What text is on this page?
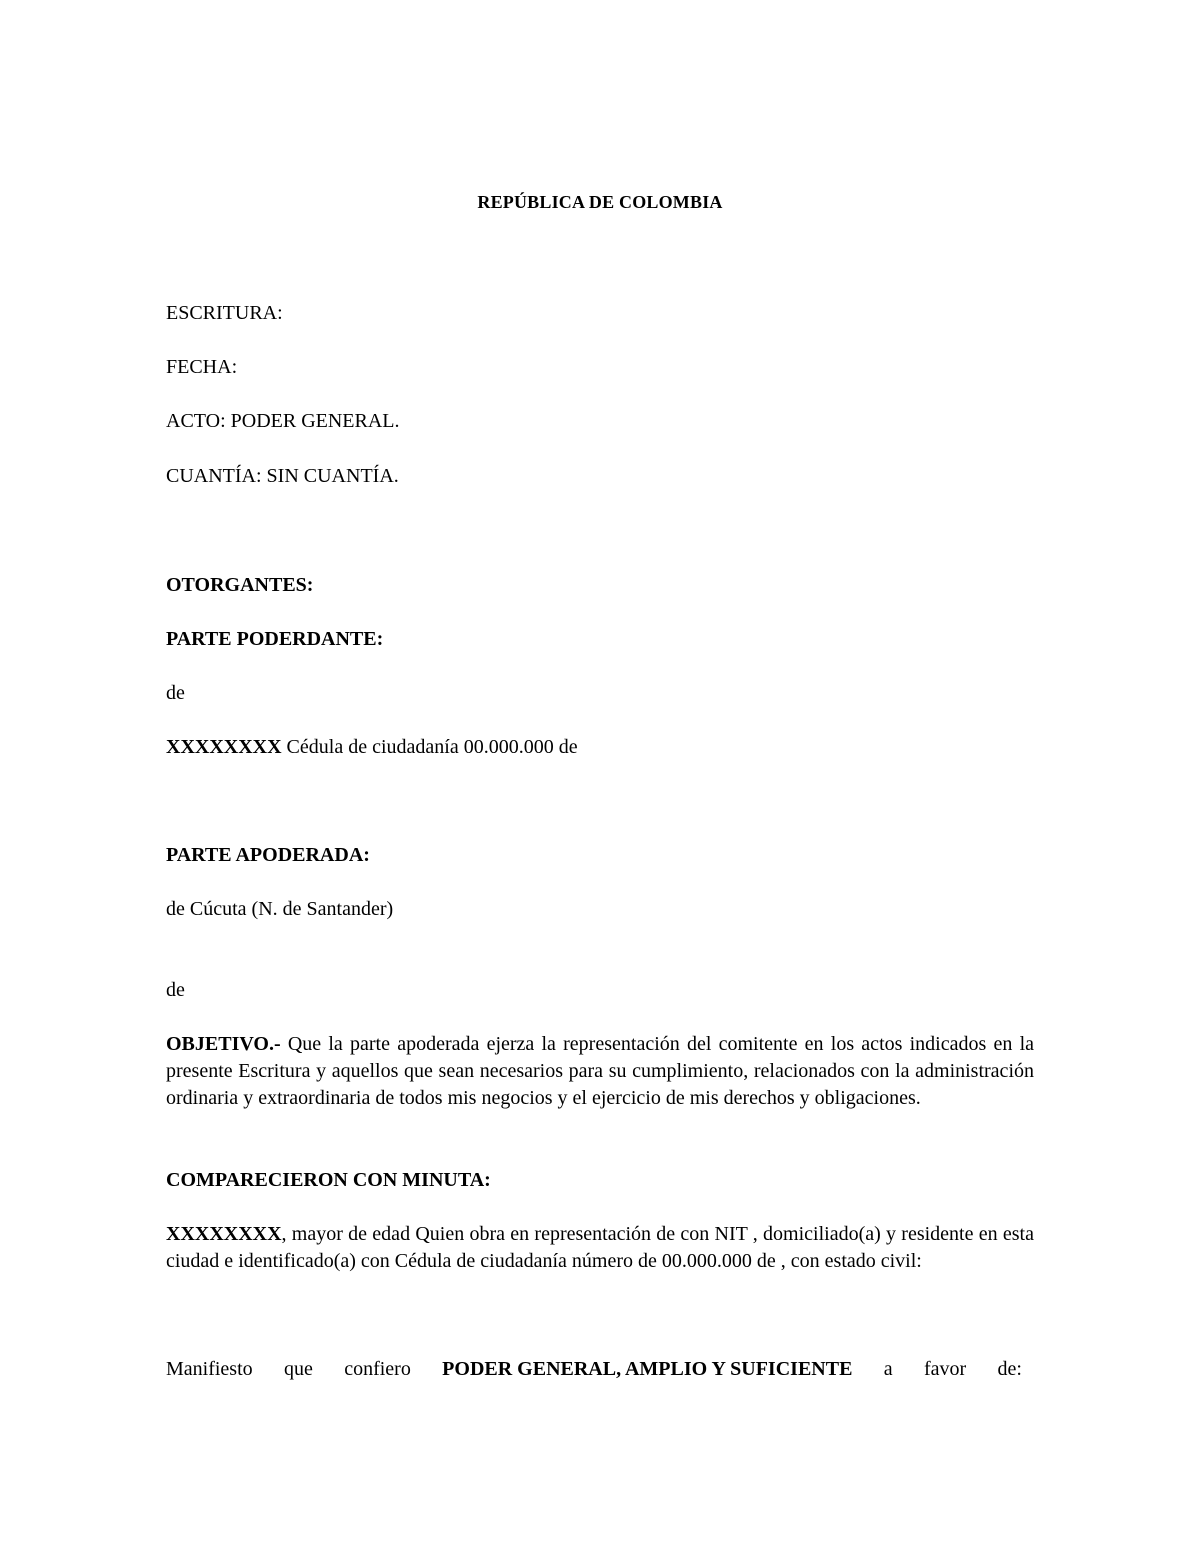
REPÚBLICA DE COLOMBIA
ESCRITURA:
FECHA:
ACTO: PODER GENERAL.
CUANTÍA: SIN CUANTÍA.
OTORGANTES:
PARTE PODERDANTE:
de
XXXXXXXX Cédula de ciudadanía 00.000.000 de
PARTE APODERADA:
de Cúcuta (N. de Santander)
de
OBJETIVO.- Que la parte apoderada ejerza la representación del comitente en los actos indicados en la presente Escritura y aquellos que sean necesarios para su cumplimiento, relacionados con la administración ordinaria y extraordinaria de todos mis negocios y el ejercicio de mis derechos y obligaciones.
COMPARECIERON CON MINUTA:
XXXXXXXX, mayor de edad Quien obra en representación de con NIT , domiciliado(a) y residente en esta ciudad e identificado(a) con Cédula de ciudadanía número de 00.000.000 de , con estado civil:
Manifiesto que confiero PODER GENERAL, AMPLIO Y SUFICIENTE a favor de:
